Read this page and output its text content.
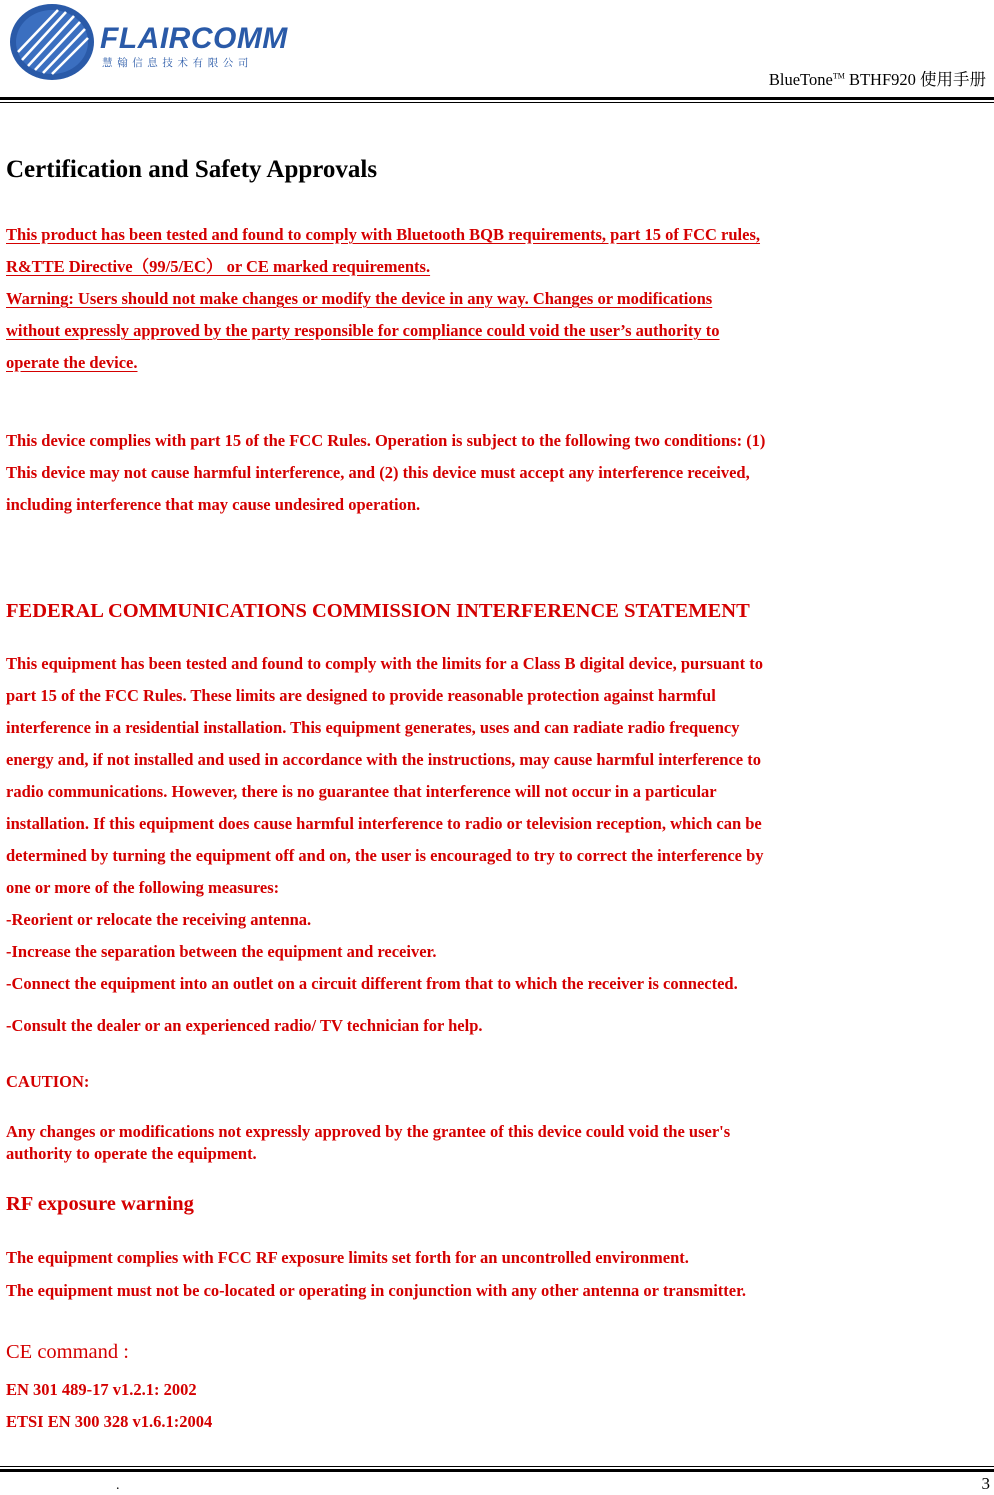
FLAIRCOMM
慧翰信息技术有限公司
BlueTone™ BTHF920 使用手册
Certification and Safety Approvals
This product has been tested and found to comply with Bluetooth BQB requirements, part 15 of FCC rules,
R&TTE Directive（99/5/EC） or CE marked requirements.
Warning: Users should not make changes or modify the device in any way. Changes or modifications
without expressly approved by the party responsible for compliance could void the user’s authority to
operate the device.
This device complies with part 15 of the FCC Rules. Operation is subject to the following two conditions: (1)
This device may not cause harmful interference, and (2) this device must accept any interference received,
including interference that may cause undesired operation.
FEDERAL COMMUNICATIONS COMMISSION INTERFERENCE STATEMENT
This equipment has been tested and found to comply with the limits for a Class B digital device, pursuant to
part 15 of the FCC Rules. These limits are designed to provide reasonable protection against harmful
interference in a residential installation. This equipment generates, uses and can radiate radio frequency
energy and, if not installed and used in accordance with the instructions, may cause harmful interference to
radio communications. However, there is no guarantee that interference will not occur in a particular
installation. If this equipment does cause harmful interference to radio or television reception, which can be
determined by turning the equipment off and on, the user is encouraged to try to correct the interference by
one or more of the following measures:
-Reorient or relocate the receiving antenna.
-Increase the separation between the equipment and receiver.
-Connect the equipment into an outlet on a circuit different from that to which the receiver is connected.
-Consult the dealer or an experienced radio/ TV technician for help.
CAUTION:
Any changes or modifications not expressly approved by the grantee of this device could void the user's
authority to operate the equipment.
RF exposure warning
The equipment complies with FCC RF exposure limits set forth for an uncontrolled environment.
The equipment must not be co-located or operating in conjunction with any other antenna or transmitter.
CE command :
EN 301 489-17 v1.2.1: 2002
ETSI EN 300 328 v1.6.1:2004
.	3
